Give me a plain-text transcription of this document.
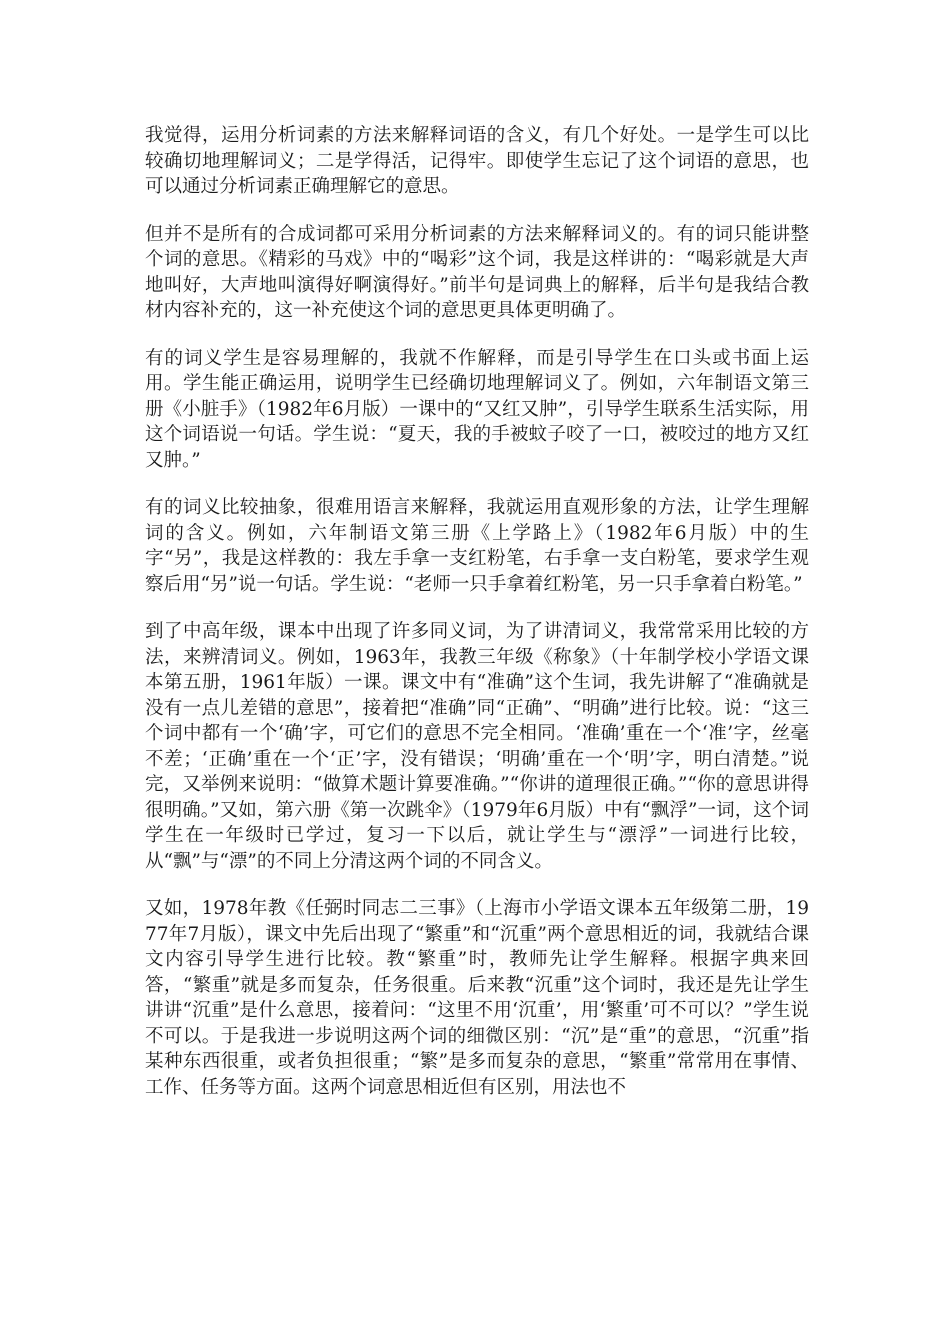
我觉得，运用分析词素的方法来解释词语的含义，有几个好处。一是学生可以比较确切地理解词义；二是学得活，记得牢。即使学生忘记了这个词语的意思，也可以通过分析词素正确理解它的意思。

但并不是所有的合成词都可采用分析词素的方法来解释词义的。有的词只能讲整个词的意思。《精彩的马戏》中的“喝彩”这个词，我是这样讲的：“喝彩就是大声地叫好，大声地叫演得好啊演得好。”前半句是词典上的解释，后半句是我结合教材内容补充的，这一补充使这个词的意思更具体更明确了。

有的词义学生是容易理解的，我就不作解释，而是引导学生在口头或书面上运用。学生能正确运用，说明学生已经确切地理解词义了。例如，六年制语文第三册《小脏手》（1982年6月版）一课中的“又红又肿”，引导学生联系生活实际，用这个词语说一句话。学生说：“夏天，我的手被蚊子咬了一口，被咬过的地方又红又肿。”

有的词义比较抽象，很难用语言来解释，我就运用直观形象的方法，让学生理解词的含义。例如，六年制语文第三册《上学路上》（1982年6月版）中的生字“另”，我是这样教的：我左手拿一支红粉笔，右手拿一支白粉笔，要求学生观察后用“另”说一句话。学生说：“老师一只手拿着红粉笔，另一只手拿着白粉笔。”

到了中高年级，课本中出现了许多同义词，为了讲清词义，我常常采用比较的方法，来辨清词义。例如，1963年，我教三年级《称象》（十年制学校小学语文课本第五册，1961年版）一课。课文中有“准确”这个生词，我先讲解了“准确就是没有一点儿差错的意思”，接着把“准确”同“正确”、“明确”进行比较。说：“这三个词中都有一个‘确’字，可它们的意思不完全相同。‘准确’重在一个‘准’字，丝毫不差；‘正确’重在一个‘正’字，没有错误；‘明确’重在一个‘明’字，明白清楚。”说完，又举例来说明：“做算术题计算要准确。”“你讲的道理很正确。”“你的意思讲得很明确。”又如，第六册《第一次跳伞》（1979年6月版）中有“飘浮”一词，这个词学生在一年级时已学过，复习一下以后，就让学生与“漂浮”一词进行比较，从“飘”与“漂”的不同上分清这两个词的不同含义。

又如，1978年教《任弼时同志二三事》（上海市小学语文课本五年级第二册，1977年7月版），课文中先后出现了“繁重”和“沉重”两个意思相近的词，我就结合课文内容引导学生进行比较。教“繁重”时，教师先让学生解释。根据字典来回答，“繁重”就是多而复杂，任务很重。后来教“沉重”这个词时，我还是先让学生讲讲“沉重”是什么意思，接着问：“这里不用‘沉重’，用‘繁重’可不可以？”学生说不可以。于是我进一步说明这两个词的细微区别：“沉”是“重”的意思，“沉重”指某种东西很重，或者负担很重；“繁”是多而复杂的意思，“繁重”常常用在事情、工作、任务等方面。这两个词意思相近但有区别，用法也不
